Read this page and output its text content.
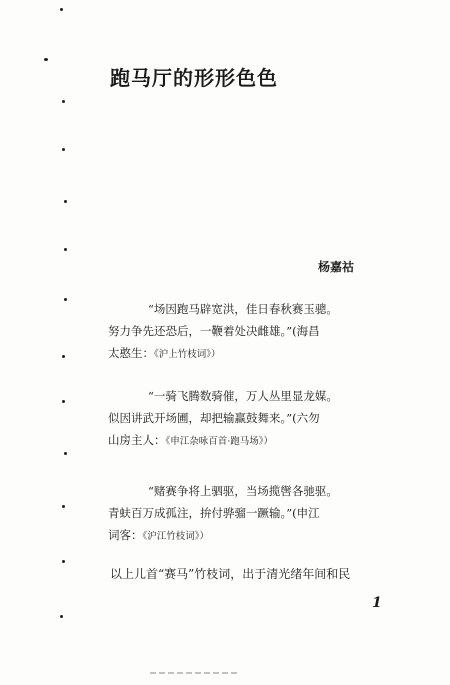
跑马厅的形形色色
杨嘉祜
“场因跑马辟宽洪，佳日春秋赛玉骢。
努力争先还恐后，一鞭着处决雌雄。”(海昌
太憨生：《沪上竹枝词》）
“一骑飞腾数骑催，万人丛里显龙媒。
似因讲武开场圃，却把输赢鼓舞来。”(六勿
山房主人：《申江杂咏百首·跑马场》）
“赌赛争将上驷驱，当场揽辔各驰驱。
青蚨百万成孤注，拚付骅骝一蹶输。”(申江
词客：《沪江竹枝词》）
以上儿首“赛马”竹枝词，出于清光绪年间和民
1
